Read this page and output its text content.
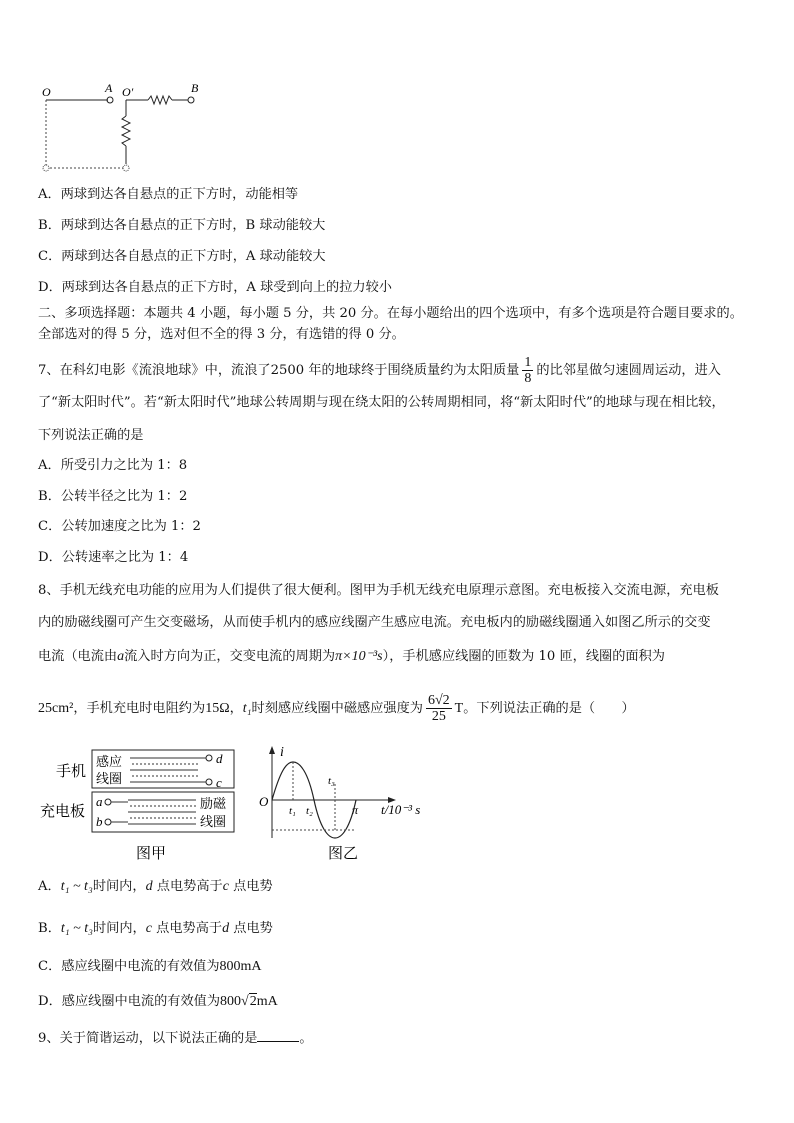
O	A O′	B
A．两球到达各自悬点的正下方时，动能相等
B．两球到达各自悬点的正下方时，B 球动能较大
C．两球到达各自悬点的正下方时，A 球动能较大
D．两球到达各自悬点的正下方时，A 球受到向上的拉力较小
二、多项选择题：本题共 4 小题，每小题 5 分，共 20 分。在每小题给出的四个选项中，有多个选项是符合题目要求的。
全部选对的得 5 分，选对但不全的得 3 分，有选错的得 0 分。
7、在科幻电影《流浪地球》中，流浪了2500 年的地球终于围绕质量约为太阳质量 $\frac{1}{8}$ 的比邻星做匀速圆周运动，进入
了“新太阳时代”。若“新太阳时代”地球公转周期与现在绕太阳的公转周期相同，将“新太阳时代”的地球与现在相比较，
下列说法正确的是
A．所受引力之比为 1：8
B．公转半径之比为 1：2
C．公转加速度之比为 1：2
D．公转速率之比为 1：4
8、手机无线充电功能的应用为人们提供了很大便利。图甲为手机无线充电原理示意图。充电板接入交流电源，充电板
内的励磁线圈可产生交变磁场，从而使手机内的感应线圈产生感应电流。充电板内的励磁线圈通入如图乙所示的交变
电流（电流由a流入时方向为正，交变电流的周期为π×10⁻³s），手机感应线圈的匝数为 10 匝，线圈的面积为
25cm²，手机充电时电阻约为15Ω，t₁时刻感应线圈中磁感应强度为 $\frac{6√2}{25}$ T。下列说法正确的是（　　）
手机
充电板
感应
线圈
d
c
a
b
励磁
线圈
图甲
i
O
t₁ t₂
t₃
π t/10⁻³ s
图乙
A．t₁ ~ t₃时间内，d 点电势高于c 点电势
B．t₁ ~ t₃时间内，c 点电势高于d 点电势
C．感应线圈中电流的有效值为800mA
D．感应线圈中电流的有效值为800√2mA
9、关于简谐运动，以下说法正确的是	。
